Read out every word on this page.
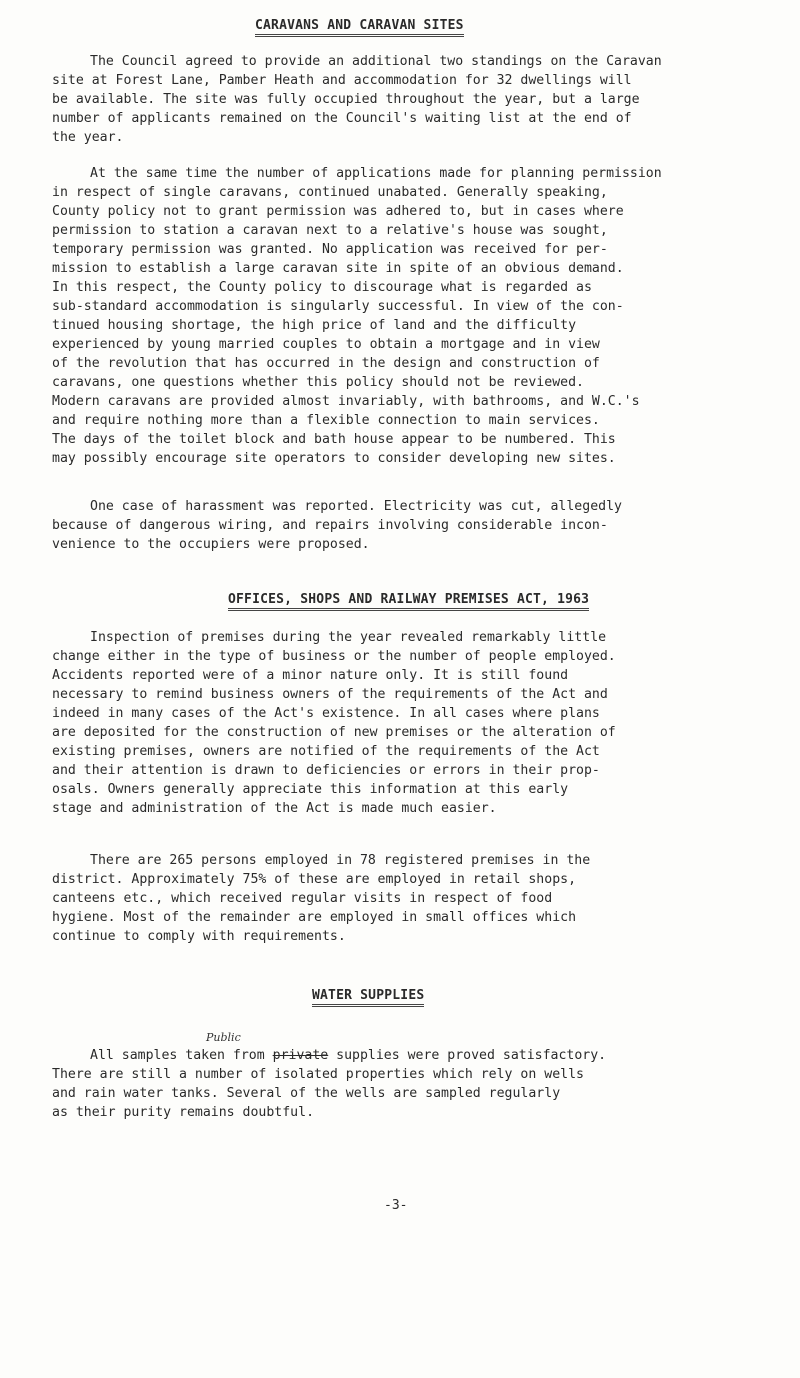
CARAVANS AND CARAVAN SITES
The Council agreed to provide an additional two standings on the Caravan
site at Forest Lane, Pamber Heath and accommodation for 32 dwellings will
be available. The site was fully occupied throughout the year, but a large
number of applicants remained on the Council's waiting list at the end of
the year.
At the same time the number of applications made for planning permission
in respect of single caravans, continued unabated. Generally speaking,
County policy not to grant permission was adhered to, but in cases where
permission to station a caravan next to a relative's house was sought,
temporary permission was granted. No application was received for per-
mission to establish a large caravan site in spite of an obvious demand.
In this respect, the County policy to discourage what is regarded as
sub-standard accommodation is singularly successful. In view of the con-
tinued housing shortage, the high price of land and the difficulty
experienced by young married couples to obtain a mortgage and in view
of the revolution that has occurred in the design and construction of
caravans, one questions whether this policy should not be reviewed.
Modern caravans are provided almost invariably, with bathrooms, and W.C.'s
and require nothing more than a flexible connection to main services.
The days of the toilet block and bath house appear to be numbered. This
may possibly encourage site operators to consider developing new sites.
One case of harassment was reported. Electricity was cut, allegedly
because of dangerous wiring, and repairs involving considerable incon-
venience to the occupiers were proposed.
OFFICES, SHOPS AND RAILWAY PREMISES ACT, 1963
Inspection of premises during the year revealed remarkably little
change either in the type of business or the number of people employed.
Accidents reported were of a minor nature only. It is still found
necessary to remind business owners of the requirements of the Act and
indeed in many cases of the Act's existence. In all cases where plans
are deposited for the construction of new premises or the alteration of
existing premises, owners are notified of the requirements of the Act
and their attention is drawn to deficiencies or errors in their prop-
osals. Owners generally appreciate this information at this early
stage and administration of the Act is made much easier.
There are 265 persons employed in 78 registered premises in the
district. Approximately 75% of these are employed in retail shops,
canteens etc., which received regular visits in respect of food
hygiene. Most of the remainder are employed in small offices which
continue to comply with requirements.
WATER SUPPLIES
Public
All samples taken from private supplies were proved satisfactory.
There are still a number of isolated properties which rely on wells
and rain water tanks. Several of the wells are sampled regularly
as their purity remains doubtful.
-3-
